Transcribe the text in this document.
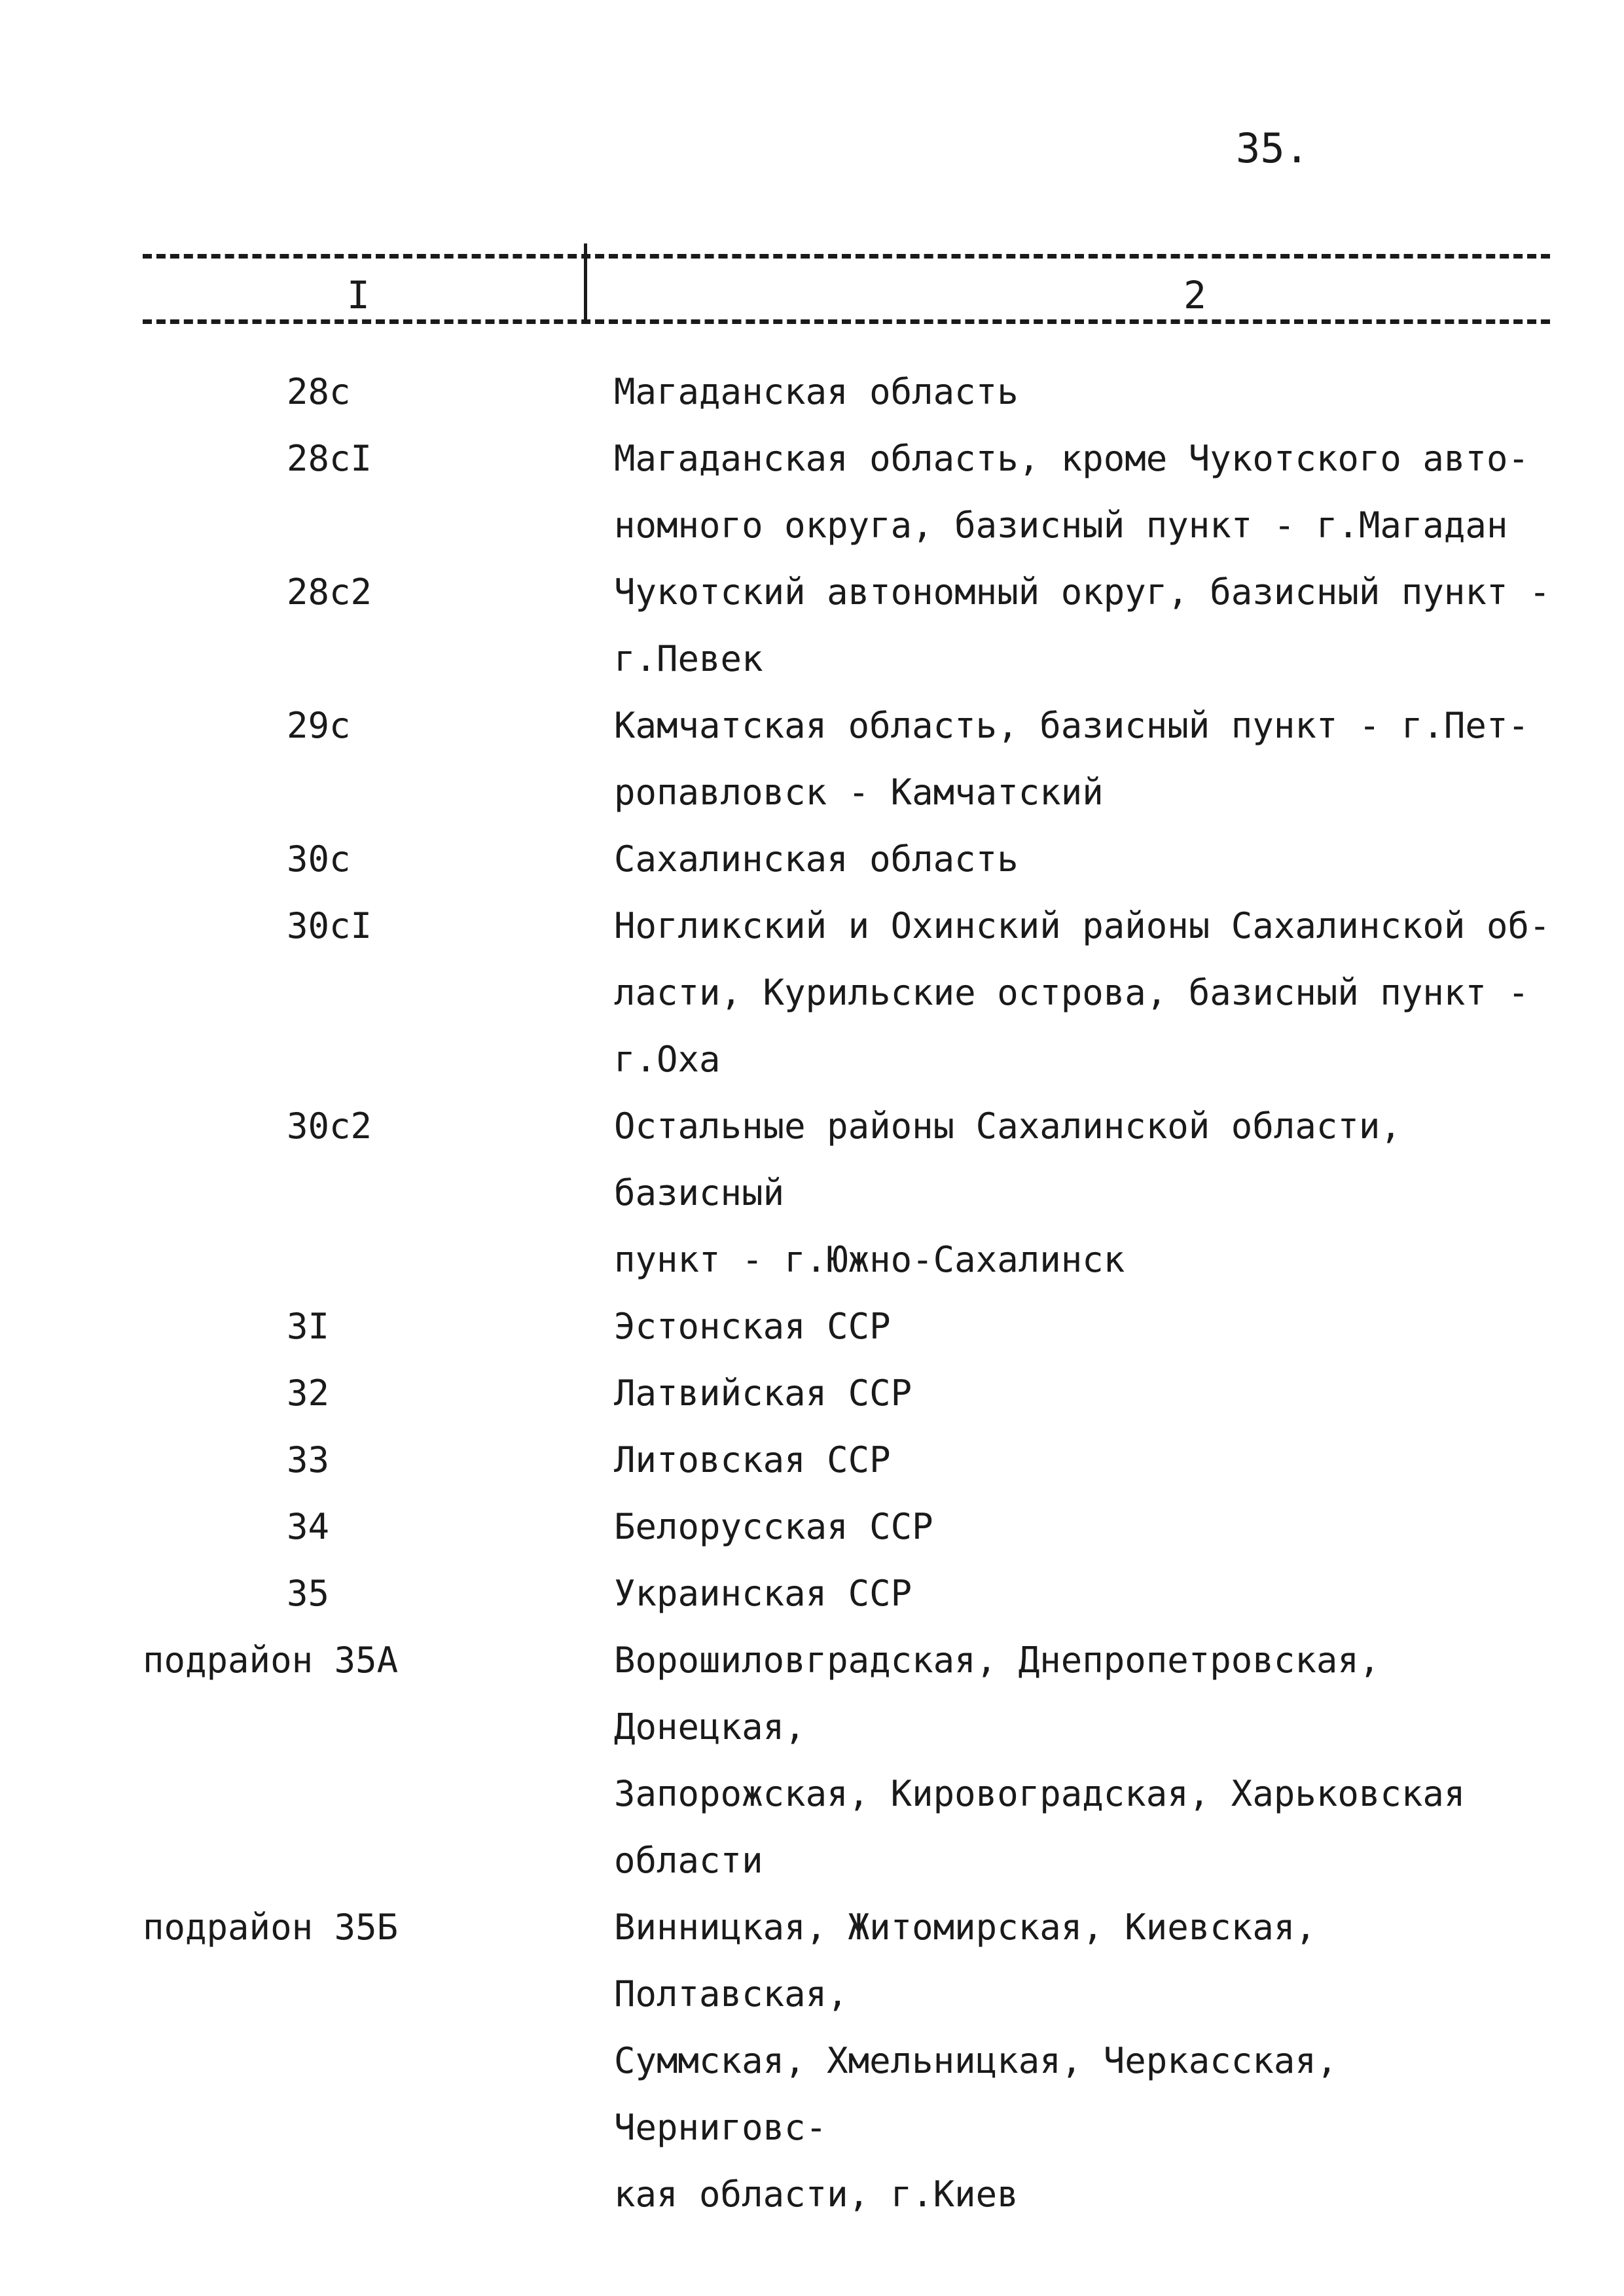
35.
I	2
28c	Магаданская область
28cI	Магаданская область, кроме Чукотского авто-
номного округа, базисный пункт - г.Магадан
28c2	Чукотский автономный округ, базисный пункт -
г.Певек
29c	Камчатская область, базисный пункт - г.Пет-
ропавловск - Камчатский
30c	Сахалинская область
30cI	Ногликский и Охинский районы Сахалинской об-
ласти, Курильские острова, базисный пункт -
г.Оха
30c2	Остальные районы Сахалинской области, базисный
пункт - г.Южно-Сахалинск
3I	Эстонская ССР
32	Латвийская ССР
33	Литовская ССР
34	Белорусская ССР
35	Украинская ССР
подрайон 35А	Ворошиловградская, Днепропетровская, Донецкая,
Запорожская, Кировоградская, Харьковская
области
подрайон 35Б	Винницкая, Житомирская, Киевская, Полтавская,
Суммская, Хмельницкая, Черкасская, Черниговс-
кая области, г.Киев
